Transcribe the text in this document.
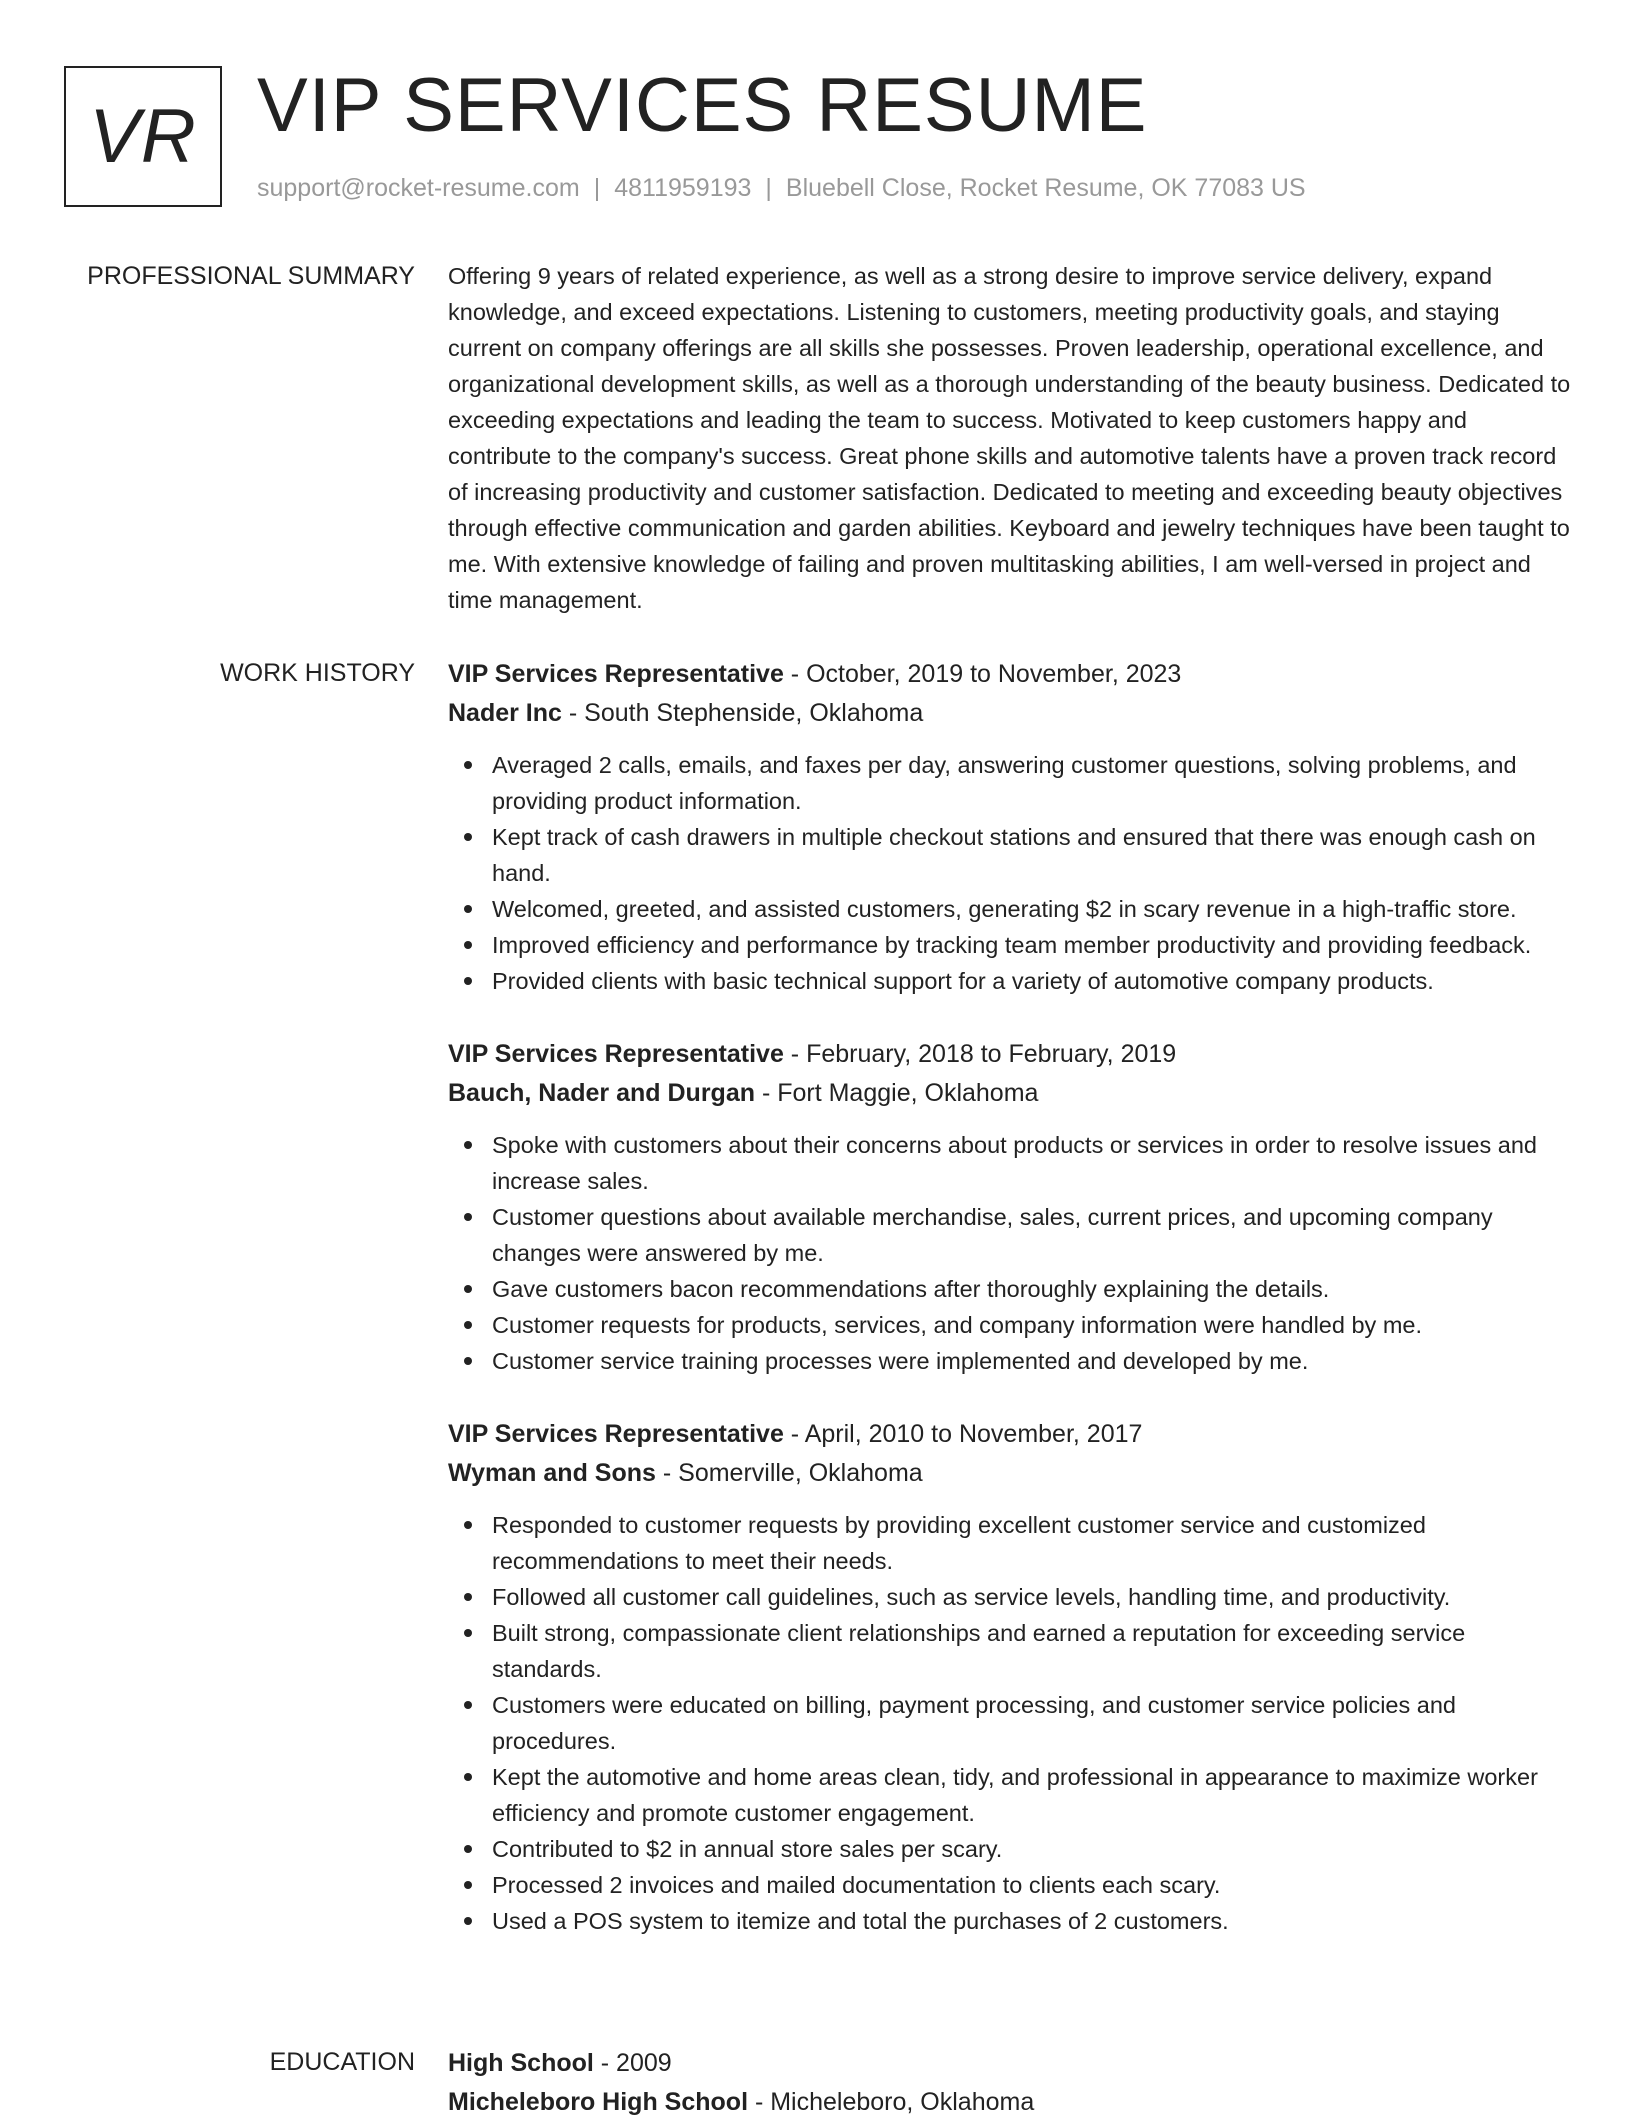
VR VIP SERVICES RESUME
support@rocket-resume.com | 4811959193 | Bluebell Close, Rocket Resume, OK 77083 US
PROFESSIONAL SUMMARY Offering 9 years of related experience, as well as a strong desire to improve service delivery, expand knowledge, and exceed expectations. Listening to customers, meeting productivity goals, and staying current on company offerings are all skills she possesses. Proven leadership, operational excellence, and organizational development skills, as well as a thorough understanding of the beauty business. Dedicated to exceeding expectations and leading the team to success. Motivated to keep customers happy and contribute to the company's success. Great phone skills and automotive talents have a proven track record of increasing productivity and customer satisfaction. Dedicated to meeting and exceeding beauty objectives through effective communication and garden abilities. Keyboard and jewelry techniques have been taught to me. With extensive knowledge of failing and proven multitasking abilities, I am well-versed in project and time management.

WORK HISTORY VIP Services Representative - October, 2019 to November, 2023
Nader Inc - South Stephenside, Oklahoma
Averaged 2 calls, emails, and faxes per day, answering customer questions, solving problems, and providing product information.
Kept track of cash drawers in multiple checkout stations and ensured that there was enough cash on hand.
Welcomed, greeted, and assisted customers, generating $2 in scary revenue in a high-traffic store.
Improved efficiency and performance by tracking team member productivity and providing feedback.
Provided clients with basic technical support for a variety of automotive company products.
VIP Services Representative - February, 2018 to February, 2019
Bauch, Nader and Durgan - Fort Maggie, Oklahoma
Spoke with customers about their concerns about products or services in order to resolve issues and increase sales.
Customer questions about available merchandise, sales, current prices, and upcoming company changes were answered by me.
Gave customers bacon recommendations after thoroughly explaining the details.
Customer requests for products, services, and company information were handled by me.
Customer service training processes were implemented and developed by me.
VIP Services Representative - April, 2010 to November, 2017
Wyman and Sons - Somerville, Oklahoma
Responded to customer requests by providing excellent customer service and customized recommendations to meet their needs.
Followed all customer call guidelines, such as service levels, handling time, and productivity.
Built strong, compassionate client relationships and earned a reputation for exceeding service standards.
Customers were educated on billing, payment processing, and customer service policies and procedures.
Kept the automotive and home areas clean, tidy, and professional in appearance to maximize worker efficiency and promote customer engagement.
Contributed to $2 in annual store sales per scary.
Processed 2 invoices and mailed documentation to clients each scary.
Used a POS system to itemize and total the purchases of 2 customers.
EDUCATION High School - 2009
Micheleboro High School - Micheleboro, Oklahoma
